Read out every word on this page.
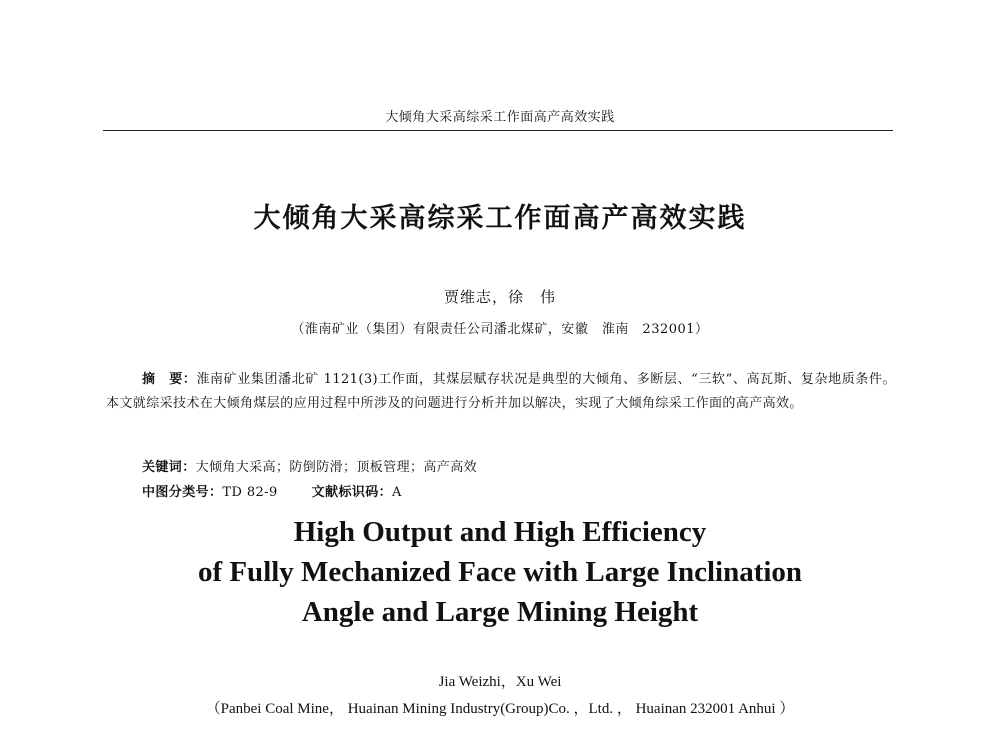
大倾角大采高综采工作面高产高效实践
大倾角大采高综采工作面高产高效实践
贾维志，徐　伟
（淮南矿业（集团）有限责任公司潘北煤矿，安徽　淮南　232001）
摘　要：淮南矿业集团潘北矿 1121(3)工作面，其煤层赋存状况是典型的大倾角、多断层、“三软”、高瓦斯、复杂地质条件。本文就综采技术在大倾角煤层的应用过程中所涉及的问题进行分析并加以解决，实现了大倾角综采工作面的高产高效。
关键词：大倾角大采高；防倒防滑；顶板管理；高产高效
中图分类号：TD 82-9	文献标识码：A
High Output and High Efficiency
of Fully Mechanized Face with Large Inclination
Angle and Large Mining Height
Jia Weizhi，Xu Wei
（Panbei Coal Mine， Huainan Mining Industry(Group)Co. ，Ltd. ， Huainan 232001 Anhui ）
